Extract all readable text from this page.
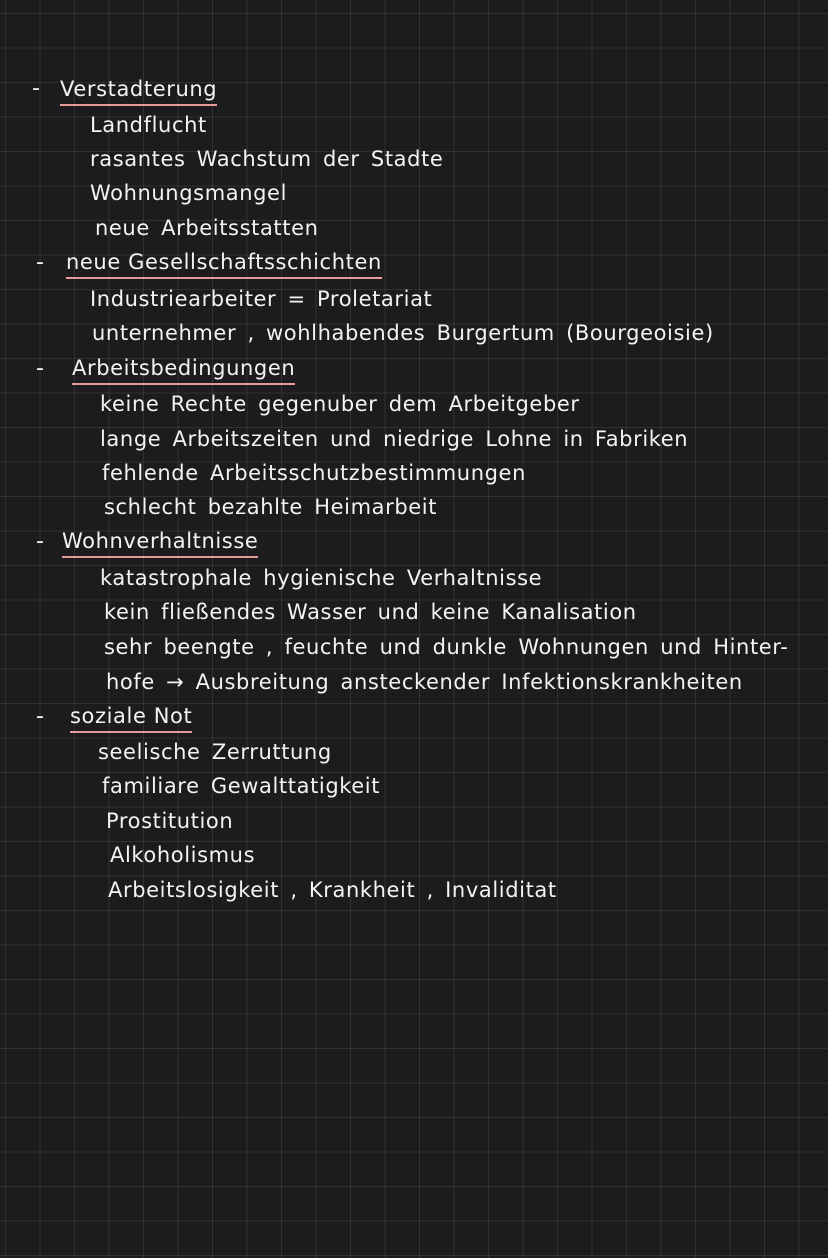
- Verstadterung
Landflucht
rasantes Wachstum der Stadte
Wohnungsmangel
neue Arbeitsstatten
- neue Gesellschaftsschichten
Industriearbeiter = Proletariat
unternehmer , wohlhabendes Burgertum (Bourgeoisie)
- Arbeitsbedingungen
keine Rechte gegenuber dem Arbeitgeber
lange Arbeitszeiten und niedrige Lohne in Fabriken
fehlende Arbeitsschutzbestimmungen
schlecht bezahlte Heimarbeit
- Wohnverhaltnisse
katastrophale hygienische Verhaltnisse
kein fließendes Wasser und keine Kanalisation
sehr beengte , feuchte und dunkle Wohnungen und Hinter-
hofe → Ausbreitung ansteckender Infektionskrankheiten
- soziale Not
seelische Zerruttung
familiare Gewalttatigkeit
Prostitution
Alkoholismus
Arbeitslosigkeit , Krankheit , Invaliditat
